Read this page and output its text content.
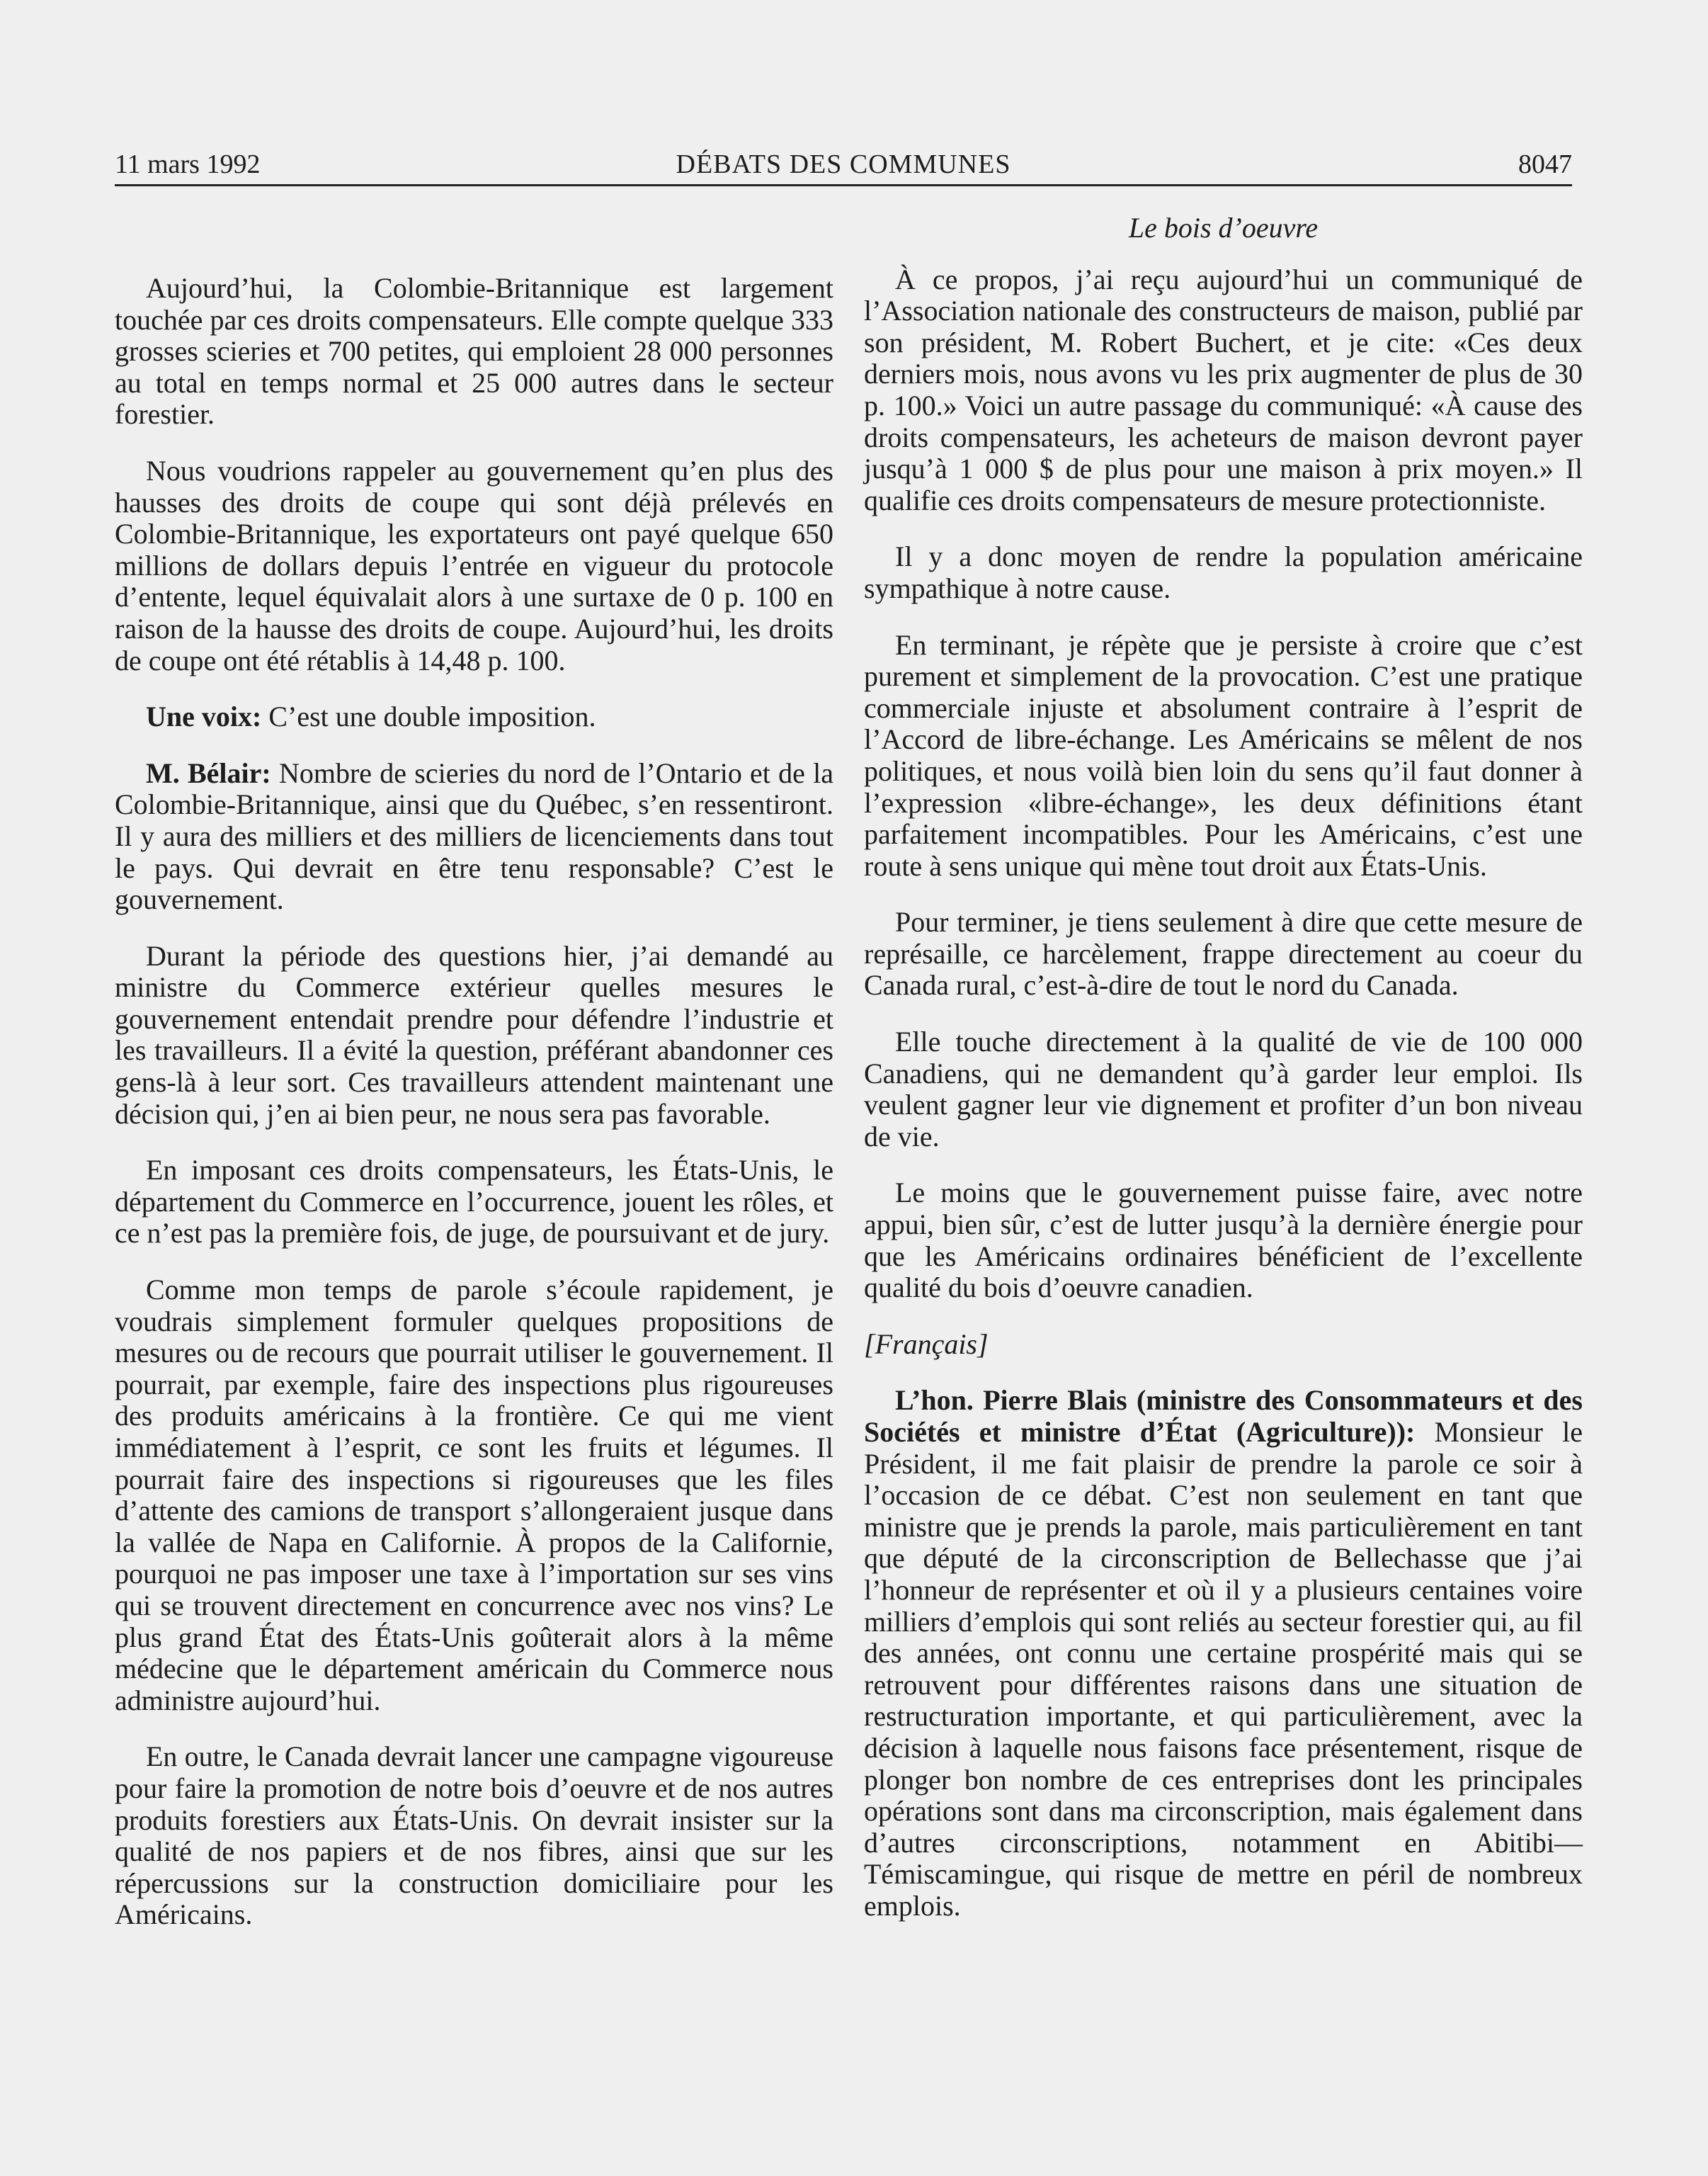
11 mars 1992	DÉBATS DES COMMUNES	8047

Aujourd’hui, la Colombie-Britannique est largement touchée par ces droits compensateurs. Elle compte quelque 333 grosses scieries et 700 petites, qui emploient 28 000 personnes au total en temps normal et 25 000 autres dans le secteur forestier.

Nous voudrions rappeler au gouvernement qu’en plus des hausses des droits de coupe qui sont déjà prélevés en Colombie-Britannique, les exportateurs ont payé quelque 650 millions de dollars depuis l’entrée en vigueur du protocole d’entente, lequel équivalait alors à une surtaxe de 0 p. 100 en raison de la hausse des droits de coupe. Aujourd’hui, les droits de coupe ont été rétablis à 14,48 p. 100.

Une voix: C’est une double imposition.

M. Bélair: Nombre de scieries du nord de l’Ontario et de la Colombie-Britannique, ainsi que du Québec, s’en ressentiront. Il y aura des milliers et des milliers de licenciements dans tout le pays. Qui devrait en être tenu responsable? C’est le gouvernement.

Durant la période des questions hier, j’ai demandé au ministre du Commerce extérieur quelles mesures le gouvernement entendait prendre pour défendre l’industrie et les travailleurs. Il a évité la question, préférant abandonner ces gens-là à leur sort. Ces travailleurs attendent maintenant une décision qui, j’en ai bien peur, ne nous sera pas favorable.

En imposant ces droits compensateurs, les États-Unis, le département du Commerce en l’occurrence, jouent les rôles, et ce n’est pas la première fois, de juge, de poursuivant et de jury.

Comme mon temps de parole s’écoule rapidement, je voudrais simplement formuler quelques propositions de mesures ou de recours que pourrait utiliser le gouvernement. Il pourrait, par exemple, faire des inspections plus rigoureuses des produits américains à la frontière. Ce qui me vient immédiatement à l’esprit, ce sont les fruits et légumes. Il pourrait faire des inspections si rigoureuses que les files d’attente des camions de transport s’allongeraient jusque dans la vallée de Napa en Californie. À propos de la Californie, pourquoi ne pas imposer une taxe à l’importation sur ses vins qui se trouvent directement en concurrence avec nos vins? Le plus grand État des États-Unis goûterait alors à la même médecine que le département américain du Commerce nous administre aujourd’hui.

En outre, le Canada devrait lancer une campagne vigoureuse pour faire la promotion de notre bois d’oeuvre et de nos autres produits forestiers aux États-Unis. On devrait insister sur la qualité de nos papiers et de nos fibres, ainsi que sur les répercussions sur la construction domiciliaire pour les Américains.

Le bois d’oeuvre

À ce propos, j’ai reçu aujourd’hui un communiqué de l’Association nationale des constructeurs de maison, publié par son président, M. Robert Buchert, et je cite: «Ces deux derniers mois, nous avons vu les prix augmenter de plus de 30 p. 100.» Voici un autre passage du communiqué: «À cause des droits compensateurs, les acheteurs de maison devront payer jusqu’à 1 000 $ de plus pour une maison à prix moyen.» Il qualifie ces droits compensateurs de mesure protectionniste.

Il y a donc moyen de rendre la population américaine sympathique à notre cause.

En terminant, je répète que je persiste à croire que c’est purement et simplement de la provocation. C’est une pratique commerciale injuste et absolument contraire à l’esprit de l’Accord de libre-échange. Les Américains se mêlent de nos politiques, et nous voilà bien loin du sens qu’il faut donner à l’expression «libre-échange», les deux définitions étant parfaitement incompatibles. Pour les Américains, c’est une route à sens unique qui mène tout droit aux États-Unis.

Pour terminer, je tiens seulement à dire que cette mesure de représaille, ce harcèlement, frappe directement au coeur du Canada rural, c’est-à-dire de tout le nord du Canada.

Elle touche directement à la qualité de vie de 100 000 Canadiens, qui ne demandent qu’à garder leur emploi. Ils veulent gagner leur vie dignement et profiter d’un bon niveau de vie.

Le moins que le gouvernement puisse faire, avec notre appui, bien sûr, c’est de lutter jusqu’à la dernière énergie pour que les Américains ordinaires bénéficient de l’excellente qualité du bois d’oeuvre canadien.

[Français]

L’hon. Pierre Blais (ministre des Consommateurs et des Sociétés et ministre d’État (Agriculture)): Monsieur le Président, il me fait plaisir de prendre la parole ce soir à l’occasion de ce débat. C’est non seulement en tant que ministre que je prends la parole, mais particulièrement en tant que député de la circonscription de Bellechasse que j’ai l’honneur de représenter et où il y a plusieurs centaines voire milliers d’emplois qui sont reliés au secteur forestier qui, au fil des années, ont connu une certaine prospérité mais qui se retrouvent pour différentes raisons dans une situation de restructuration importante, et qui particulièrement, avec la décision à laquelle nous faisons face présentement, risque de plonger bon nombre de ces entreprises dont les principales opérations sont dans ma circonscription, mais également dans d’autres circonscriptions, notamment en Abitibi—Témiscamingue, qui risque de mettre en péril de nombreux emplois.
